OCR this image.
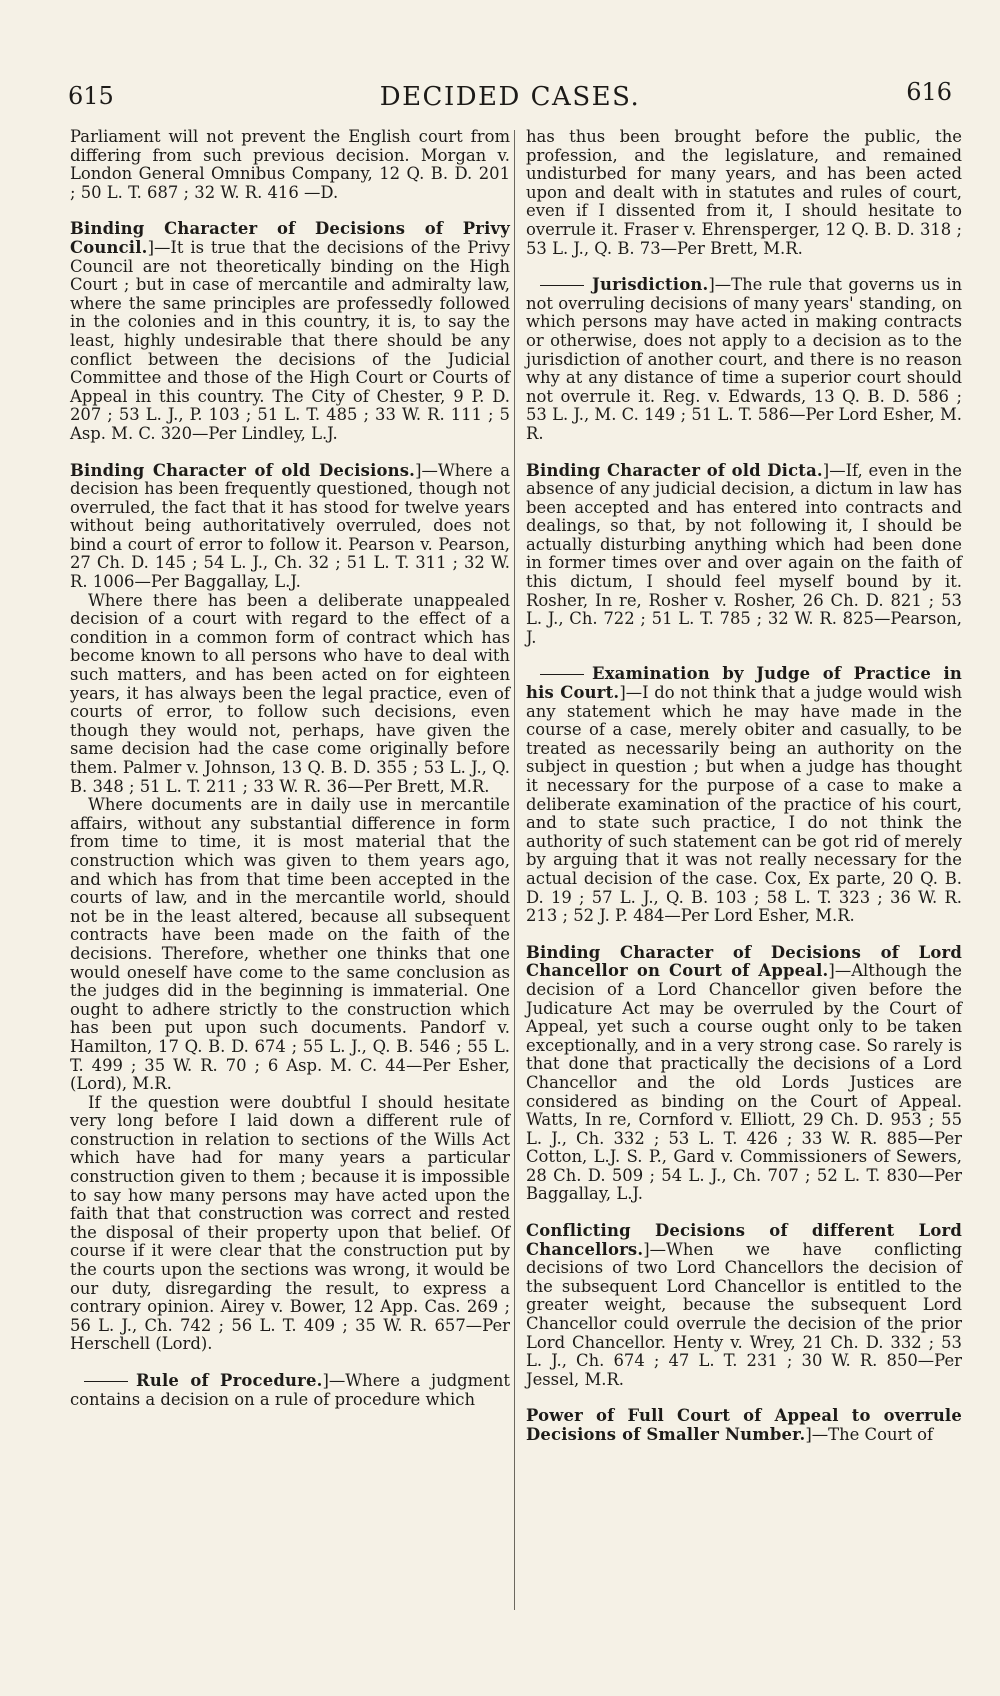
615	DECIDED CASES.	616

Parliament will not prevent the English court from differing from such previous decision. Morgan v. London General Omnibus Company, 12 Q. B. D. 201 ; 50 L. T. 687 ; 32 W. R. 416 —D.

Binding Character of Decisions of Privy Council.]—It is true that the decisions of the Privy Council are not theoretically binding on the High Court ; but in case of mercantile and admiralty law, where the same principles are professedly followed in the colonies and in this country, it is, to say the least, highly undesirable that there should be any conflict between the decisions of the Judicial Committee and those of the High Court or Courts of Appeal in this country. The City of Chester, 9 P. D. 207 ; 53 L. J., P. 103 ; 51 L. T. 485 ; 33 W. R. 111 ; 5 Asp. M. C. 320—Per Lindley, L.J.

Binding Character of old Decisions.]—Where a decision has been frequently questioned, though not overruled, the fact that it has stood for twelve years without being authoritatively overruled, does not bind a court of error to follow it. Pearson v. Pearson, 27 Ch. D. 145 ; 54 L. J., Ch. 32 ; 51 L. T. 311 ; 32 W. R. 1006—Per Baggallay, L.J.

Where there has been a deliberate unappealed decision of a court with regard to the effect of a condition in a common form of contract which has become known to all persons who have to deal with such matters, and has been acted on for eighteen years, it has always been the legal practice, even of courts of error, to follow such decisions, even though they would not, perhaps, have given the same decision had the case come originally before them. Palmer v. Johnson, 13 Q. B. D. 355 ; 53 L. J., Q. B. 348 ; 51 L. T. 211 ; 33 W. R. 36—Per Brett, M.R.

Where documents are in daily use in mercantile affairs, without any substantial difference in form from time to time, it is most material that the construction which was given to them years ago, and which has from that time been accepted in the courts of law, and in the mercantile world, should not be in the least altered, because all subsequent contracts have been made on the faith of the decisions. Therefore, whether one thinks that one would oneself have come to the same conclusion as the judges did in the beginning is immaterial. One ought to adhere strictly to the construction which has been put upon such documents. Pandorf v. Hamilton, 17 Q. B. D. 674 ; 55 L. J., Q. B. 546 ; 55 L. T. 499 ; 35 W. R. 70 ; 6 Asp. M. C. 44—Per Esher, (Lord), M.R.

If the question were doubtful I should hesitate very long before I laid down a different rule of construction in relation to sections of the Wills Act which have had for many years a particular construction given to them ; because it is impossible to say how many persons may have acted upon the faith that that construction was correct and rested the disposal of their property upon that belief. Of course if it were clear that the construction put by the courts upon the sections was wrong, it would be our duty, disregarding the result, to express a contrary opinion. Airey v. Bower, 12 App. Cas. 269 ; 56 L. J., Ch. 742 ; 56 L. T. 409 ; 35 W. R. 657—Per Herschell (Lord).

Rule of Procedure.]—Where a judgment contains a decision on a rule of procedure which

has thus been brought before the public, the profession, and the legislature, and remained undisturbed for many years, and has been acted upon and dealt with in statutes and rules of court, even if I dissented from it, I should hesitate to overrule it. Fraser v. Ehrensperger, 12 Q. B. D. 318 ; 53 L. J., Q. B. 73—Per Brett, M.R.

Jurisdiction.]—The rule that governs us in not overruling decisions of many years' standing, on which persons may have acted in making contracts or otherwise, does not apply to a decision as to the jurisdiction of another court, and there is no reason why at any distance of time a superior court should not overrule it. Reg. v. Edwards, 13 Q. B. D. 586 ; 53 L. J., M. C. 149 ; 51 L. T. 586—Per Lord Esher, M. R.

Binding Character of old Dicta.]—If, even in the absence of any judicial decision, a dictum in law has been accepted and has entered into contracts and dealings, so that, by not following it, I should be actually disturbing anything which had been done in former times over and over again on the faith of this dictum, I should feel myself bound by it. Rosher, In re, Rosher v. Rosher, 26 Ch. D. 821 ; 53 L. J., Ch. 722 ; 51 L. T. 785 ; 32 W. R. 825—Pearson, J.

Examination by Judge of Practice in his Court.]—I do not think that a judge would wish any statement which he may have made in the course of a case, merely obiter and casually, to be treated as necessarily being an authority on the subject in question ; but when a judge has thought it necessary for the purpose of a case to make a deliberate examination of the practice of his court, and to state such practice, I do not think the authority of such statement can be got rid of merely by arguing that it was not really necessary for the actual decision of the case. Cox, Ex parte, 20 Q. B. D. 19 ; 57 L. J., Q. B. 103 ; 58 L. T. 323 ; 36 W. R. 213 ; 52 J. P. 484—Per Lord Esher, M.R.

Binding Character of Decisions of Lord Chancellor on Court of Appeal.]—Although the decision of a Lord Chancellor given before the Judicature Act may be overruled by the Court of Appeal, yet such a course ought only to be taken exceptionally, and in a very strong case. So rarely is that done that practically the decisions of a Lord Chancellor and the old Lords Justices are considered as binding on the Court of Appeal. Watts, In re, Cornford v. Elliott, 29 Ch. D. 953 ; 55 L. J., Ch. 332 ; 53 L. T. 426 ; 33 W. R. 885—Per Cotton, L.J. S. P., Gard v. Commissioners of Sewers, 28 Ch. D. 509 ; 54 L. J., Ch. 707 ; 52 L. T. 830—Per Baggallay, L.J.

Conflicting Decisions of different Lord Chancellors.]—When we have conflicting decisions of two Lord Chancellors the decision of the subsequent Lord Chancellor is entitled to the greater weight, because the subsequent Lord Chancellor could overrule the decision of the prior Lord Chancellor. Henty v. Wrey, 21 Ch. D. 332 ; 53 L. J., Ch. 674 ; 47 L. T. 231 ; 30 W. R. 850—Per Jessel, M.R.

Power of Full Court of Appeal to overrule Decisions of Smaller Number.]—The Court of
